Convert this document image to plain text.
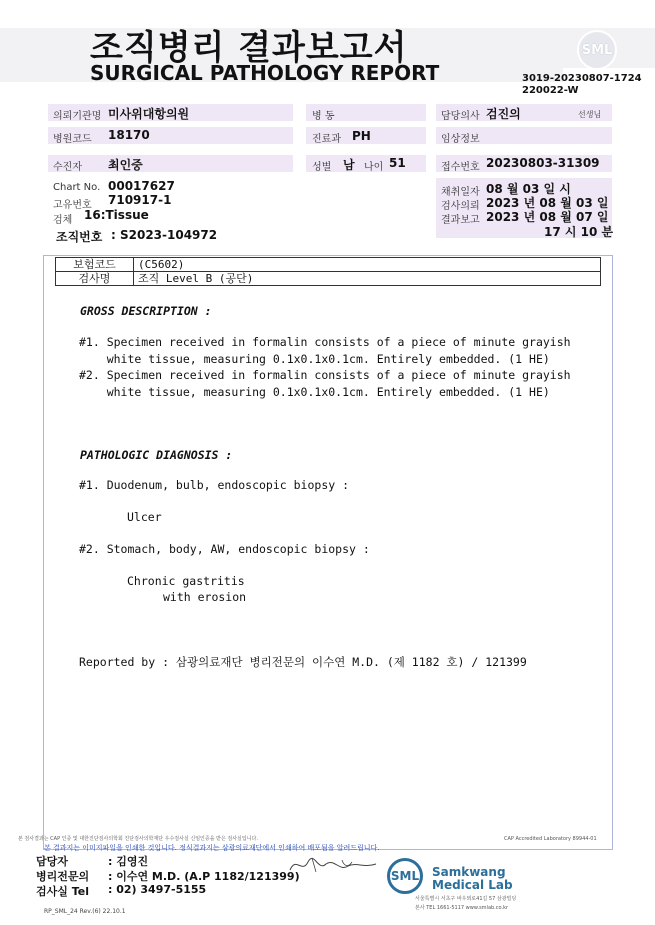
조직병리 결과보고서
SURGICAL PATHOLOGY REPORT
SML
3019-20230807-1724
220022-W
의뢰기관명 미사위대항의원	병 동	담당의사 검진의	선생님
병원코드 18170	진료과 PH	임상정보
수진자 최인중	성별 남 나이 51	접수번호 20230803-31309
Chart No. 00017627
고유번호 710917-1
검체 16:Tissue
조직번호 : S2023-104972
채취일자 08 월 03 일 시
검사의뢰 2023 년 08 월 03 일
결과보고 2023 년 08 월 07 일
17 시 10 분
보험코드	(C5602)
검사명	조직 Level B (공단)
GROSS DESCRIPTION :
#1. Specimen received in formalin consists of a piece of minute grayish
white tissue, measuring 0.1x0.1x0.1cm. Entirely embedded. (1 HE)
#2. Specimen received in formalin consists of a piece of minute grayish
white tissue, measuring 0.1x0.1x0.1cm. Entirely embedded. (1 HE)
PATHOLOGIC DIAGNOSIS :
#1. Duodenum, bulb, endoscopic biopsy :
Ulcer
#2. Stomach, body, AW, endoscopic biopsy :
Chronic gastritis
with erosion
Reported by : 삼광의료재단 병리전문의 이수연 M.D. (제 1182 호) / 121399
본 검사결과는 CAP 인증 및 대한진단검사의학회 진단검사의학재단 우수검사실 신임인증을 받은 검사실입니다.	CAP Accredited Laboratory 89944-01
본 결과지는 이미지파일을 인쇄한 것입니다. 정식결과지는 삼광의료재단에서 인쇄하여 배포됨을 알려드립니다.
담당자	: 김영진
병리전문의 : 이수연 M.D. (A.P 1182/121399)
검사실 Tel : 02) 3497-5155
SML Samkwang
Medical Lab
서울특별시 서초구 바우뫼로41길 57 삼광빌딩
본사 TEL 1661-5117 www.smlab.co.kr
RP_SML_24 Rev.(6) 22.10.1
